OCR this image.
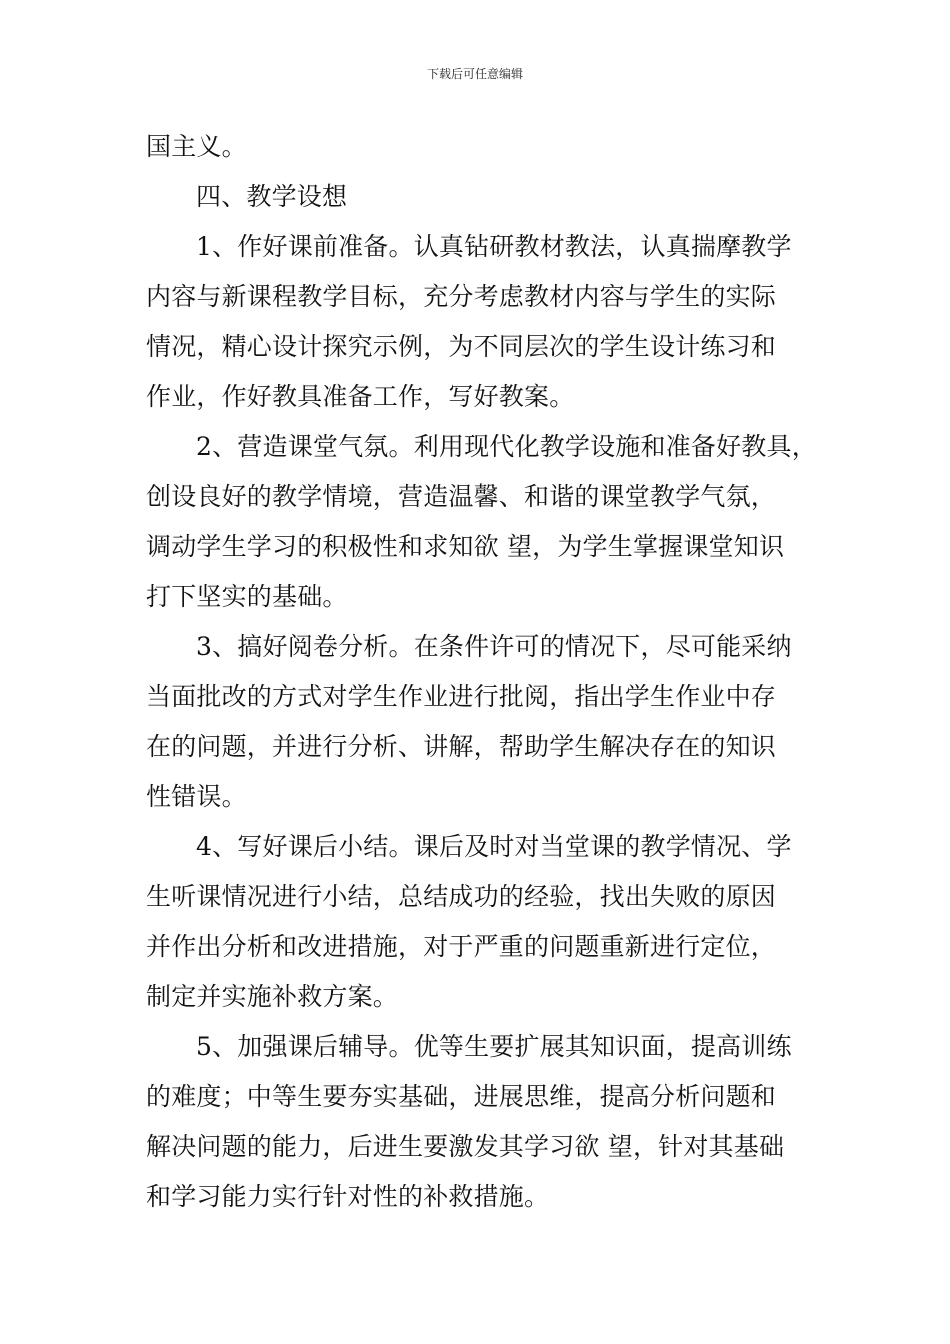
下载后可任意编辑
国主义。
四、教学设想
1、作好课前准备。认真钻研教材教法，认真揣摩教学
内容与新课程教学目标，充分考虑教材内容与学生的实际
情况，精心设计探究示例，为不同层次的学生设计练习和
作业，作好教具准备工作，写好教案。
2、营造课堂气氛。利用现代化教学设施和准备好教具，
创设良好的教学情境，营造温馨、和谐的课堂教学气氛，
调动学生学习的积极性和求知欲 望，为学生掌握课堂知识
打下坚实的基础。
3、搞好阅卷分析。在条件许可的情况下，尽可能采纳
当面批改的方式对学生作业进行批阅，指出学生作业中存
在的问题，并进行分析、讲解，帮助学生解决存在的知识
性错误。
4、写好课后小结。课后及时对当堂课的教学情况、学
生听课情况进行小结，总结成功的经验，找出失败的原因
并作出分析和改进措施，对于严重的问题重新进行定位，
制定并实施补救方案。
5、加强课后辅导。优等生要扩展其知识面，提高训练
的难度；中等生要夯实基础，进展思维，提高分析问题和
解决问题的能力，后进生要激发其学习欲 望，针对其基础
和学习能力实行针对性的补救措施。
